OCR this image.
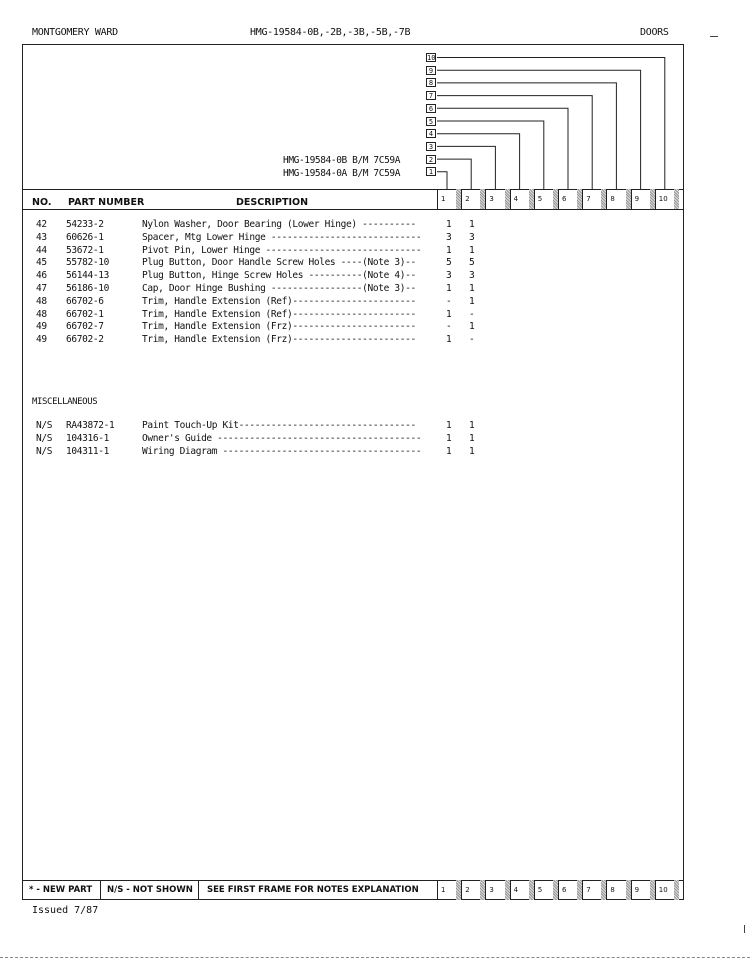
MONTGOMERY WARD	HMG-19584-0B,-2B,-3B,-5B,-7B	DOORS
10
9
8
7
6
5
4
3
2
1
HMG-19584-0B B/M 7C59A
HMG-19584-0A B/M 7C59A
NO. PART NUMBER	DESCRIPTION	1	2	3	4	5	6	7	8	9	10
42 54233-2	Nylon Washer, Door Bearing (Lower Hinge) ----------	1 1
43 60626-1	Spacer, Mtg Lower Hinge ----------------------------	3 3
44 53672-1	Pivot Pin, Lower Hinge -----------------------------	1 1
45 55782-10	Plug Button, Door Handle Screw Holes ----(Note 3)--	5 5
46 56144-13	Plug Button, Hinge Screw Holes ----------(Note 4)--	3 3
47 56186-10	Cap, Door Hinge Bushing -----------------(Note 3)--	1 1
48 66702-6	Trim, Handle Extension (Ref)-----------------------	- 1
48 66702-1	Trim, Handle Extension (Ref)-----------------------	1 -
49 66702-7	Trim, Handle Extension (Frz)-----------------------	- 1
49 66702-2	Trim, Handle Extension (Frz)-----------------------	1 -
MISCELLANEOUS
N/S RA43872-1	Paint Touch-Up Kit---------------------------------	1 1
N/S 104316-1	Owner's Guide --------------------------------------	1 1
N/S 104311-1	Wiring Diagram -------------------------------------	1 1
* - NEW PART	N/S - NOT SHOWN	SEE FIRST FRAME FOR NOTES EXPLANATION	1	2	3	4	5	6	7	8	9	10
Issued 7/87
